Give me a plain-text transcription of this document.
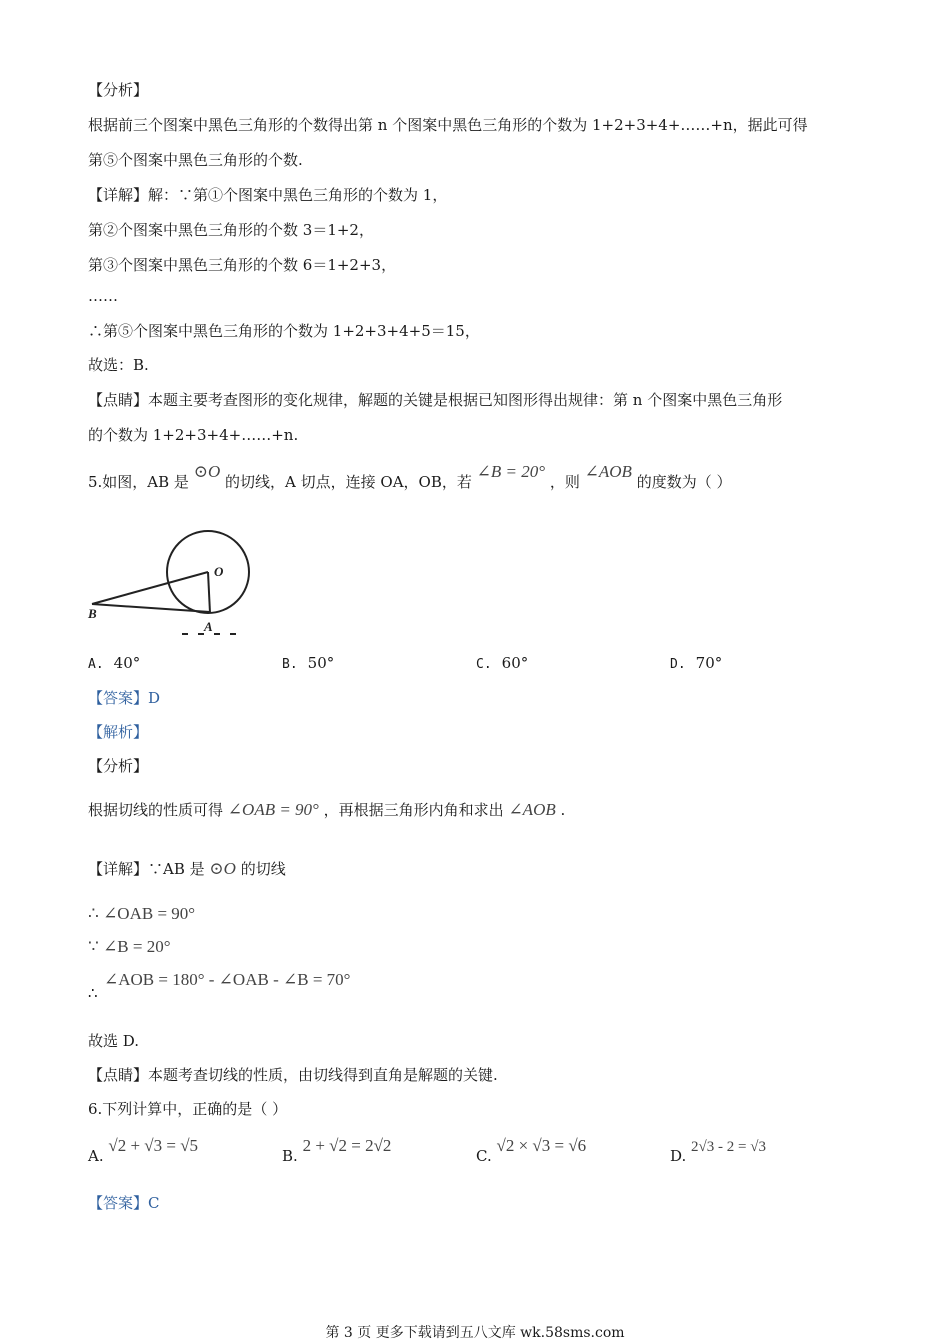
【分析】
根据前三个图案中黑色三角形的个数得出第 n 个图案中黑色三角形的个数为 1+2+3+4+……+n，据此可得
第⑤个图案中黑色三角形的个数.
【详解】解：∵第①个图案中黑色三角形的个数为 1，
第②个图案中黑色三角形的个数 3＝1+2，
第③个图案中黑色三角形的个数 6＝1+2+3，
……
∴第⑤个图案中黑色三角形的个数为 1+2+3+4+5＝15，
故选：B.
【点睛】本题主要考查图形的变化规律，解题的关键是根据已知图形得出规律：第 n 个图案中黑色三角形
的个数为 1+2+3+4+……+n.
5.如图，AB 是 ⊙O 的切线，A 切点，连接 OA，OB，若 ∠B = 20° ，则 ∠AOB 的度数为（ ）
O
A
B
A. 40°	B. 50°	C. 60°	D. 70°
【答案】D
【解析】
【分析】
根据切线的性质可得 ∠OAB = 90° ，再根据三角形内角和求出 ∠AOB .
【详解】∵AB 是 ⊙O 的切线
∴ ∠OAB = 90°
∵ ∠B = 20°
∴
∠AOB = 180° - ∠OAB - ∠B = 70°
故选 D.
【点睛】本题考查切线的性质，由切线得到直角是解题的关键.
6.下列计算中，正确的是（ ）
A. √2 + √3 = √5
B. 2 + √2 = 2√2
C. √2 × √3 = √6
D. 2√3 - 2 = √3
【答案】C
第 3 页 更多下载请到五八文库 wk.58sms.com
